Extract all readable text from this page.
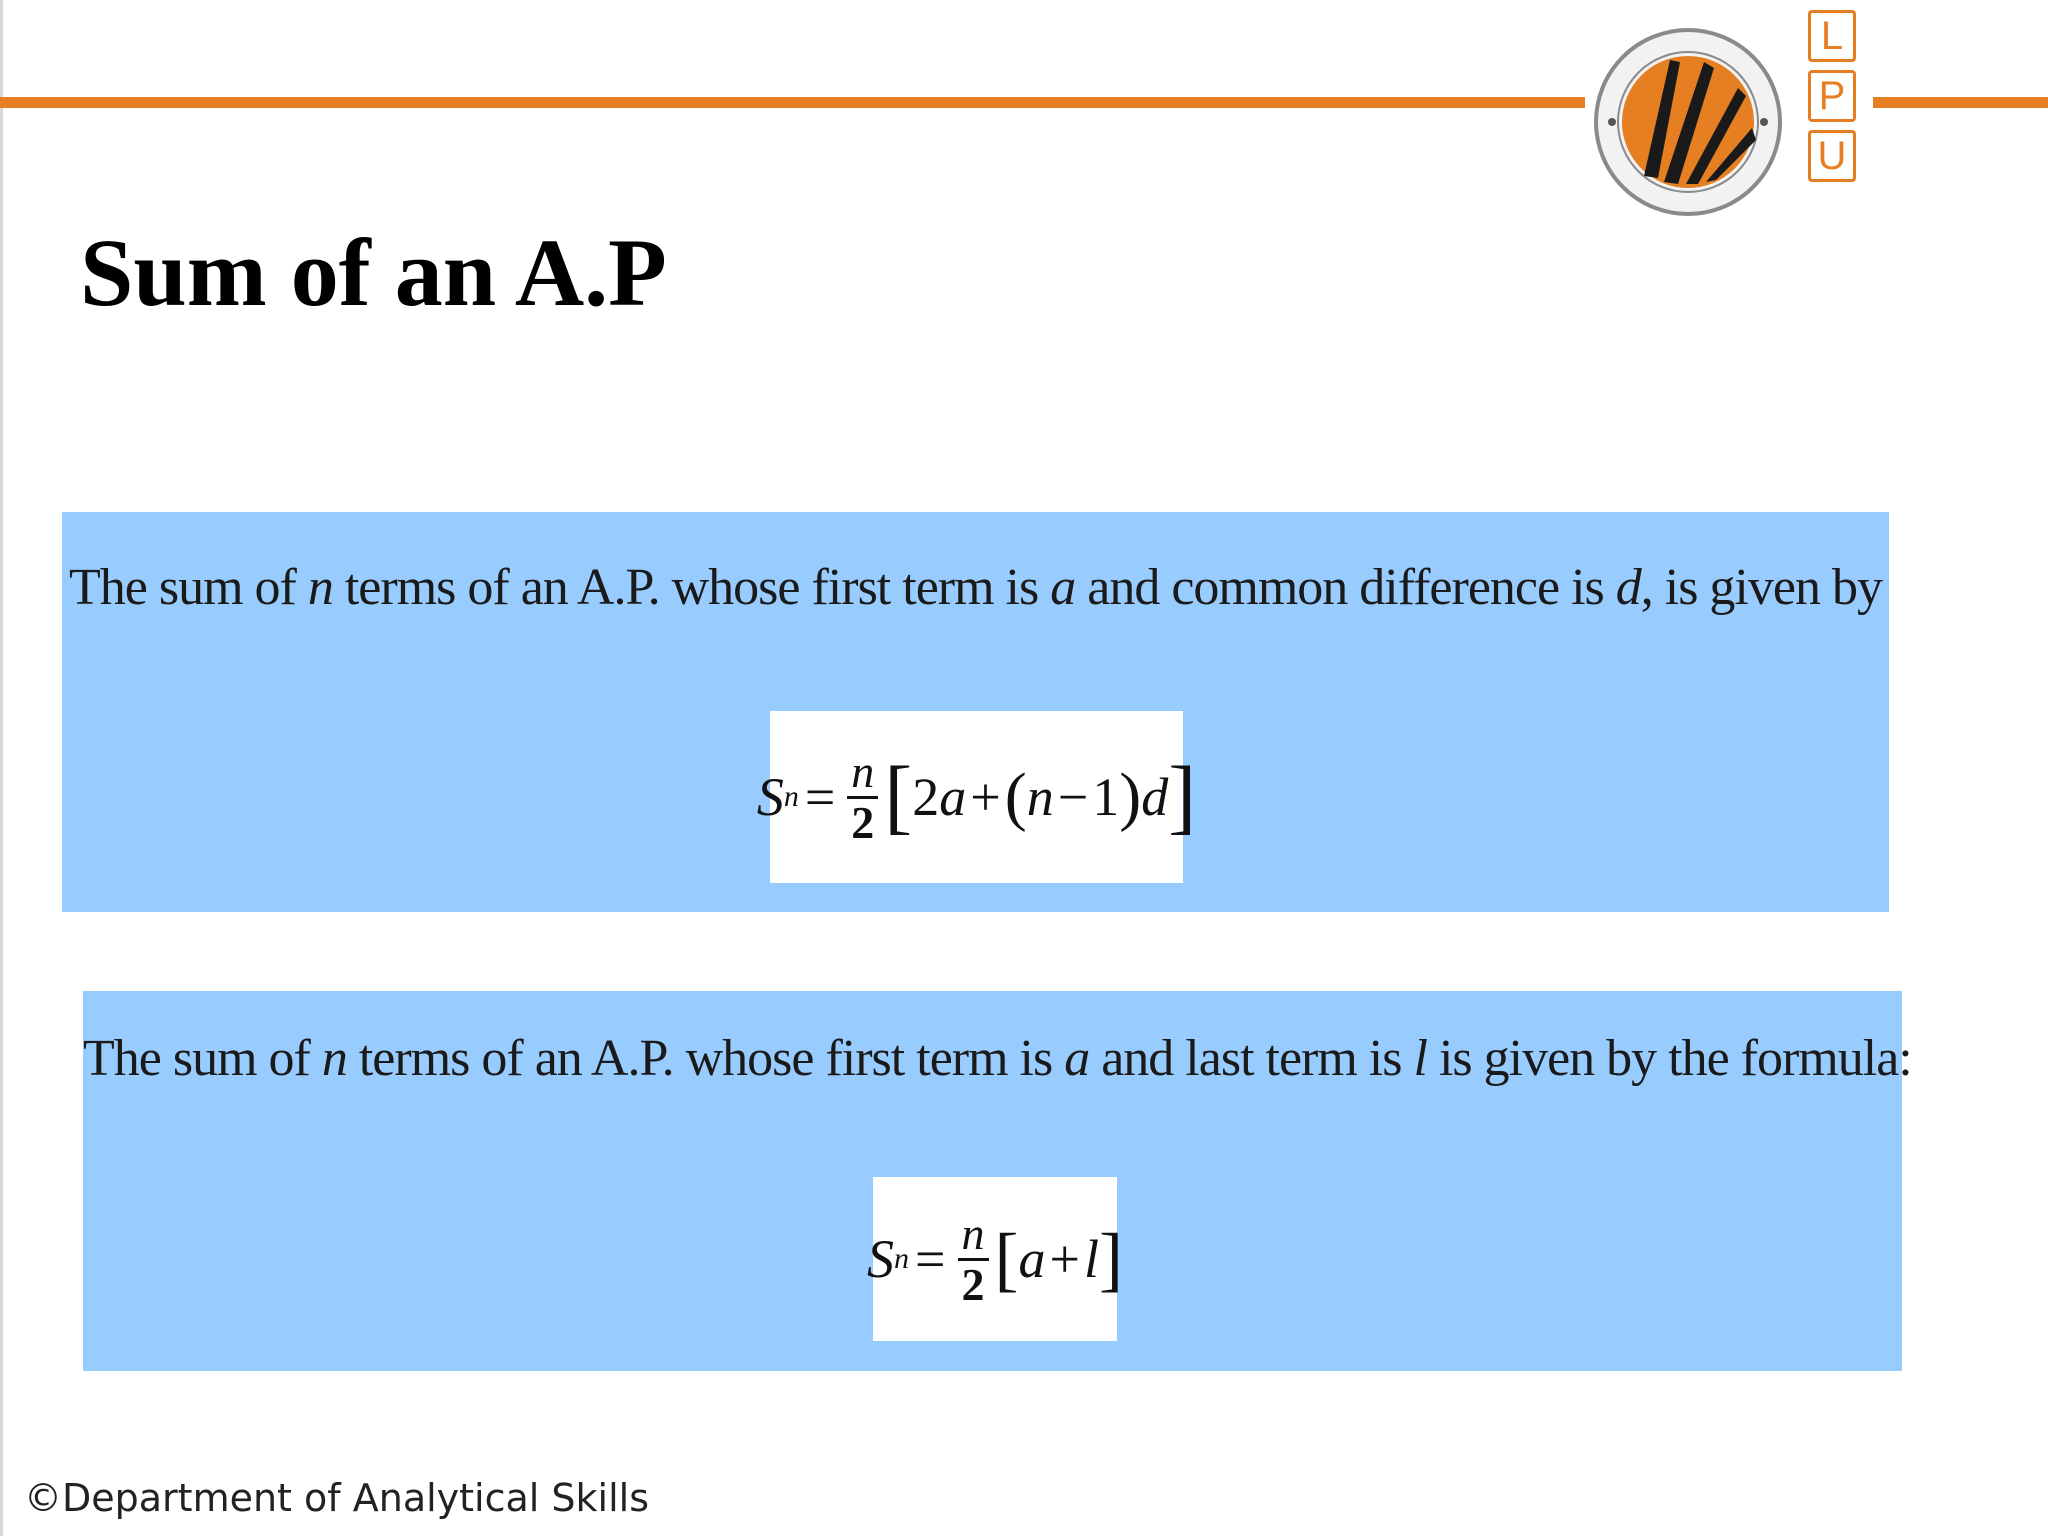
L
P
U
Sum of an A.P
The sum of n terms of an A.P. whose first term is a and common difference is d, is given by
S $n = \frac{n}{2}$ [ 2 a + ( n − 1 ) d ]
The sum of n terms of an A.P. whose first term is a and last term is l is given by the formula:
S $n = \frac{n}{2}$ [ a + l ]
©Department of Analytical Skills
